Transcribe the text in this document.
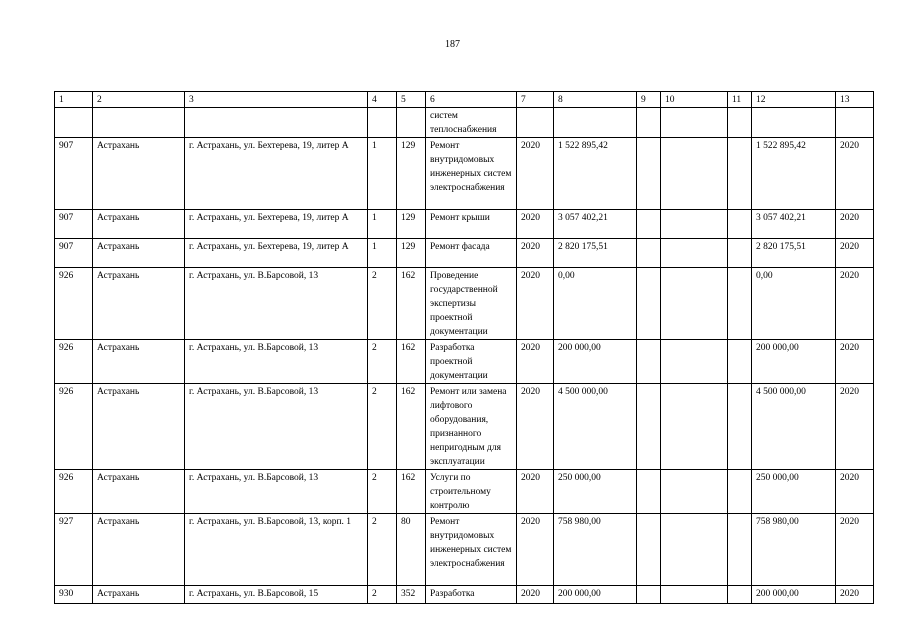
187
1	2	3	4	5	6	7	8	9	10	11	12	13
					систем теплоснабжения							
907	Астрахань	г. Астрахань, ул. Бехтерева, 19, литер А	1	129	Ремонт внутридомовых инженерных систем электроснабжения	2020	1 522 895,42				1 522 895,42	2020
907	Астрахань	г. Астрахань, ул. Бехтерева, 19, литер А	1	129	Ремонт крыши	2020	3 057 402,21				3 057 402,21	2020
907	Астрахань	г. Астрахань, ул. Бехтерева, 19, литер А	1	129	Ремонт фасада	2020	2 820 175,51				2 820 175,51	2020
926	Астрахань	г. Астрахань, ул. В.Барсовой, 13	2	162	Проведение государственной экспертизы проектной документации	2020	0,00				0,00	2020
926	Астрахань	г. Астрахань, ул. В.Барсовой, 13	2	162	Разработка проектной документации	2020	200 000,00				200 000,00	2020
926	Астрахань	г. Астрахань, ул. В.Барсовой, 13	2	162	Ремонт или замена лифтового оборудования, признанного непригодным для эксплуатации	2020	4 500 000,00				4 500 000,00	2020
926	Астрахань	г. Астрахань, ул. В.Барсовой, 13	2	162	Услуги по строительному контролю	2020	250 000,00				250 000,00	2020
927	Астрахань	г. Астрахань, ул. В.Барсовой, 13, корп. 1	2	80	Ремонт внутридомовых инженерных систем электроснабжения	2020	758 980,00				758 980,00	2020
930	Астрахань	г. Астрахань, ул. В.Барсовой, 15	2	352	Разработка	2020	200 000,00				200 000,00	2020
